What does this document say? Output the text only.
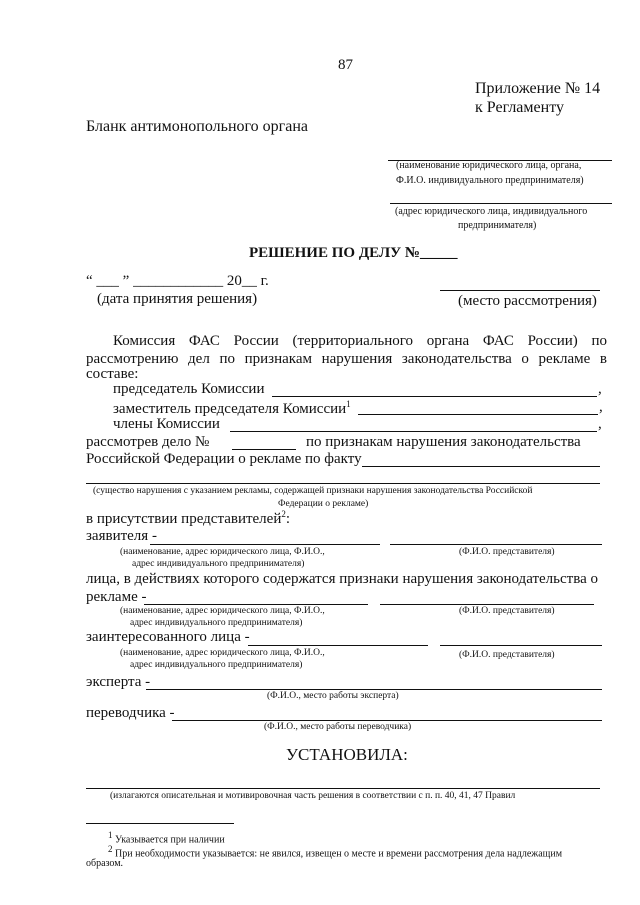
87
Приложение № 14
к Регламенту
Бланк антимонопольного органа
(наименование юридического лица, органа,
Ф.И.О. индивидуального предпринимателя)
(адрес юридического лица, индивидуального
предпринимателя)
РЕШЕНИЕ ПО ДЕЛУ №_____
“ ___ ” ____________ 20__ г.
(дата принятия решения)	(место рассмотрения)
Комиссия ФАС России (территориального органа ФАС России) по
рассмотрению дел по признакам нарушения законодательства о рекламе в
составе:
председатель Комиссии	,
заместитель председателя Комиссии$^1$	,
члены Комиссии	,
рассмотрев дело №	по признакам нарушения законодательства
Российской Федерации о рекламе по факту
(существо нарушения с указанием рекламы, содержащей признаки нарушения законодательства Российской
Федерации о рекламе)
в присутствии представителей$^2$:
заявителя -
(наименование, адрес юридического лица, Ф.И.О.,
адрес индивидуального предпринимателя)
(Ф.И.О. представителя)
лица, в действиях которого содержатся признаки нарушения законодательства о
рекламе -
(наименование, адрес юридического лица, Ф.И.О.,
адрес индивидуального предпринимателя)
(Ф.И.О. представителя)
заинтересованного лица -
(наименование, адрес юридического лица, Ф.И.О.,
адрес индивидуального предпринимателя)
(Ф.И.О. представителя)
эксперта -
(Ф.И.О., место работы эксперта)
переводчика -
(Ф.И.О., место работы переводчика)
УСТАНОВИЛА:
(излагаются описательная и мотивировочная часть решения в соответствии с п. п. 40, 41, 47 Правил
$^1$ Указывается при наличии
$^2$ При необходимости указывается: не явился, извещен о месте и времени рассмотрения дела надлежащим
образом.
